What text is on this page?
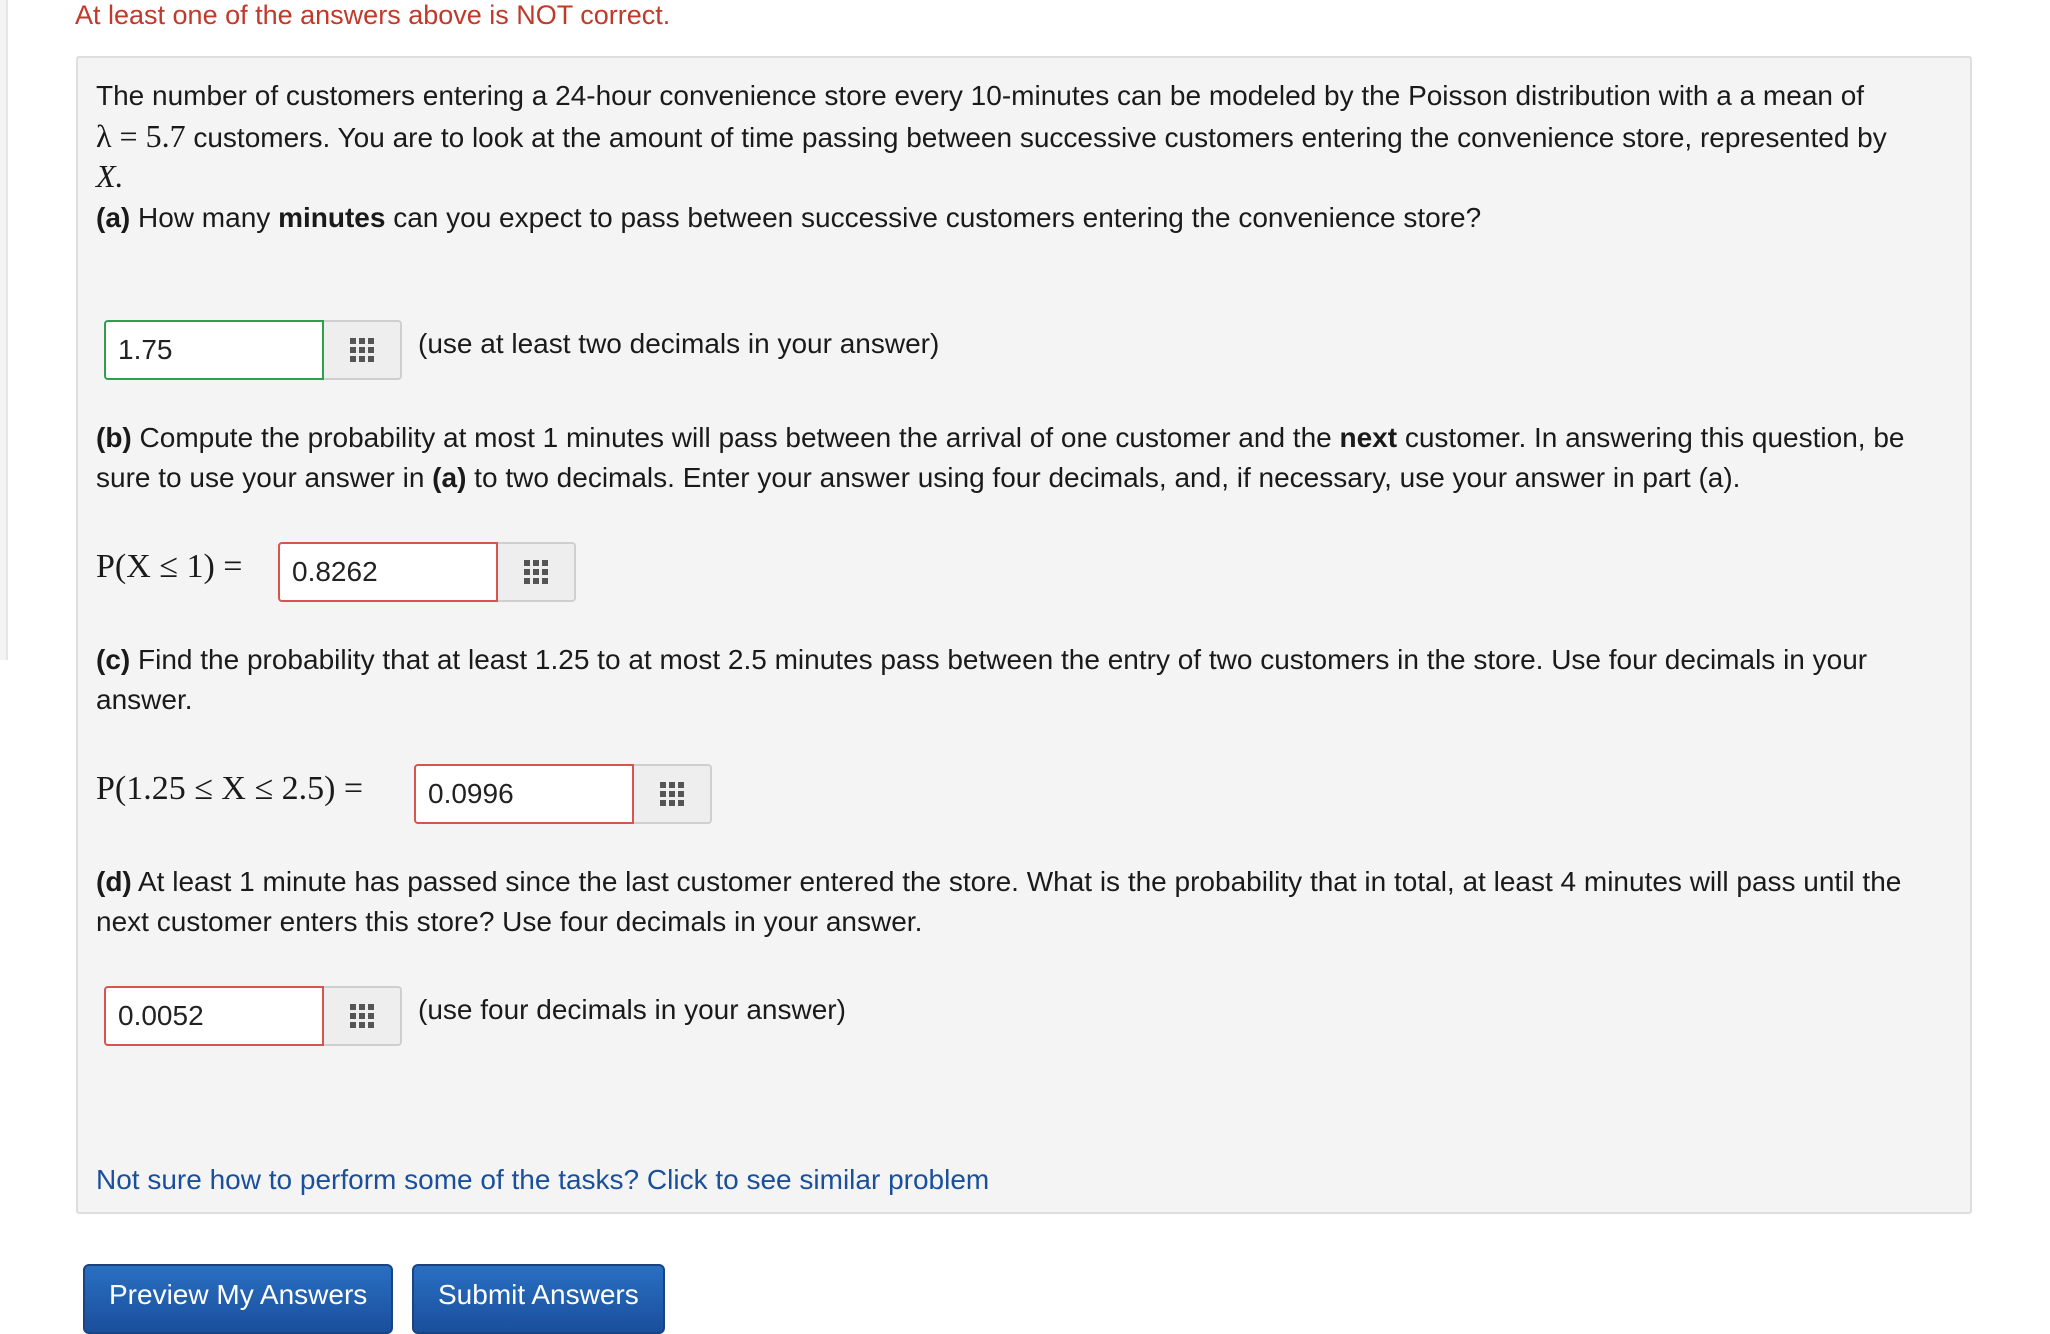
At least one of the answers above is NOT correct.
The number of customers entering a 24-hour convenience store every 10-minutes can be modeled by the Poisson distribution with a a mean of
λ = 5.7 customers. You are to look at the amount of time passing between successive customers entering the convenience store, represented by
X.
(a) How many minutes can you expect to pass between successive customers entering the convenience store?
1.75	(use at least two decimals in your answer)
(b) Compute the probability at most 1 minutes will pass between the arrival of one customer and the next customer. In answering this question, be
sure to use your answer in (a) to two decimals. Enter your answer using four decimals, and, if necessary, use your answer in part (a).
P(X ≤ 1) =	0.8262
(c) Find the probability that at least 1.25 to at most 2.5 minutes pass between the entry of two customers in the store. Use four decimals in your
answer.
P(1.25 ≤ X ≤ 2.5) =	0.0996
(d) At least 1 minute has passed since the last customer entered the store. What is the probability that in total, at least 4 minutes will pass until the
next customer enters this store? Use four decimals in your answer.
0.0052	(use four decimals in your answer)
Not sure how to perform some of the tasks? Click to see similar problem
Preview My Answers	Submit Answers
